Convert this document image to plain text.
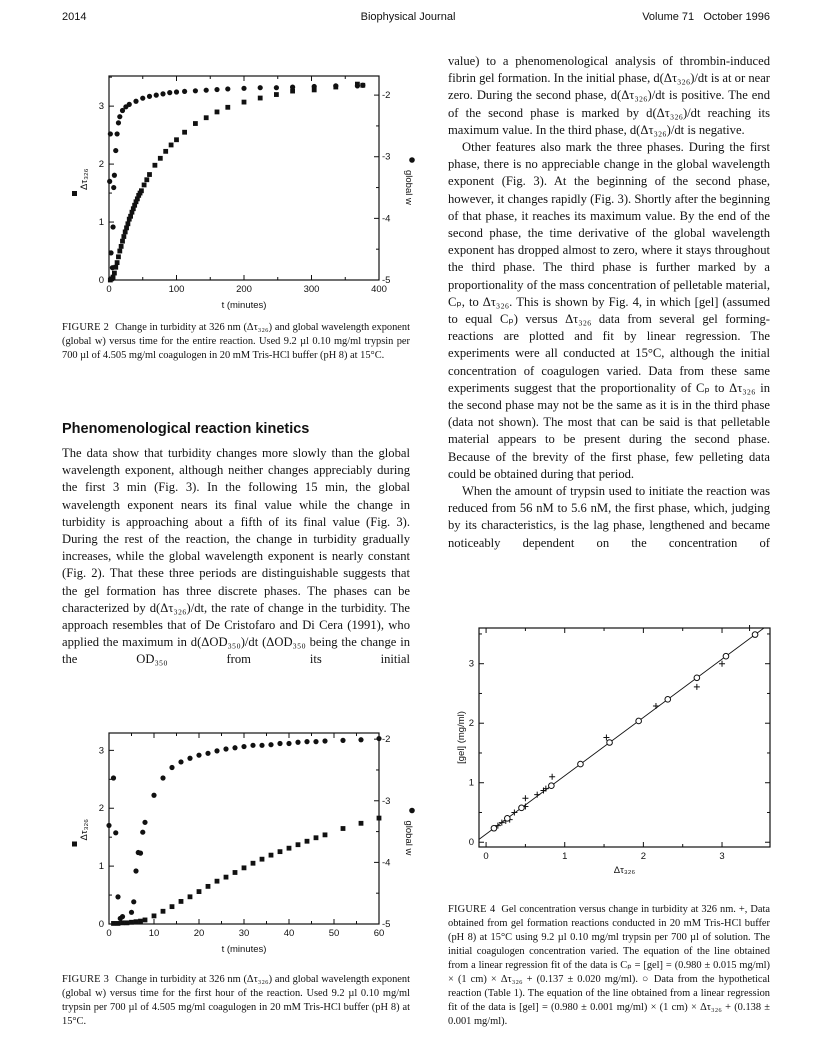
2014	Biophysical Journal	Volume 71   October 1996
0	100	200	300	400
0
1
2
3
-5
-4
-3
-2
t (minutes)
Δτ₃₂₆	global w
0	10	20	30	40	50	60
0
1
2
3
-5
-4
-3
-2
t (minutes)
Δτ₃₂₆	global w
0	1	2	3
0
1
2
3
Δτ₃₂₆
[gel] (mg/ml)
FIGURE 2 Change in turbidity at 326 nm (Δτ₃₂₆) and global wavelength exponent (global w) versus time for the entire reaction. Used 9.2 µl 0.10 mg/ml trypsin per 700 µl of 4.505 mg/ml coagulogen in 20 mM Tris-HCl buffer (pH 8) at 15°C.
Phenomenological reaction kinetics

The data show that turbidity changes more slowly than the global wavelength exponent, although neither changes appreciably during the first 3 min (Fig. 3). In the following 15 min, the global wavelength exponent nears its final value while the change in turbidity is approaching about a fifth of its final value (Fig. 3). During the rest of the reaction, the change in turbidity gradually increases, while the global wavelength exponent is nearly constant (Fig. 2). That these three periods are distinguishable suggests that the gel formation has three discrete phases. The phases can be characterized by d(Δτ₃₂₆)/dt, the rate of change in the turbidity. The approach resembles that of De Cristofaro and Di Cera (1991), who applied the maximum in d(ΔOD₃₅₀)/dt (ΔOD₃₅₀ being the change in the OD₃₅₀ from its initial

FIGURE 3 Change in turbidity at 326 nm (Δτ₃₂₆) and global wavelength exponent (global w) versus time for the first hour of the reaction. Used 9.2 µl 0.10 mg/ml trypsin per 700 µl of 4.505 mg/ml coagulogen in 20 mM Tris-HCl buffer (pH 8) at 15°C.

value) to a phenomenological analysis of thrombin-induced fibrin gel formation. In the initial phase, d(Δτ₃₂₆)/dt is at or near zero. During the second phase, d(Δτ₃₂₆)/dt is positive. The end of the second phase is marked by d(Δτ₃₂₆)/dt reaching its maximum value. In the third phase, d(Δτ₃₂₆)/dt is negative.

Other features also mark the three phases. During the first phase, there is no appreciable change in the global wavelength exponent (Fig. 3). At the beginning of the second phase, however, it changes rapidly (Fig. 3). Shortly after the beginning of that phase, it reaches its maximum value. By the end of the second phase, the time derivative of the global wavelength exponent has dropped almost to zero, where it stays throughout the third phase. The third phase is further marked by a proportionality of the mass concentration of pelletable material, Cₚ, to Δτ₃₂₆. This is shown by Fig. 4, in which [gel] (assumed to equal Cₚ) versus Δτ₃₂₆ data from several gel forming-reactions are plotted and fit by linear regression. The experiments were all conducted at 15°C, although the initial concentration of coagulogen varied. Data from these same experiments suggest that the proportionality of Cₚ to Δτ₃₂₆ in the second phase may not be the same as it is in the third phase (data not shown). The most that can be said is that pelletable material appears to be present during the second phase. Because of the brevity of the first phase, few pelleting data could be obtained during that period.

When the amount of trypsin used to initiate the reaction was reduced from 56 nM to 5.6 nM, the first phase, which, judging by its characteristics, is the lag phase, lengthened and became noticeably dependent on the concentration of

FIGURE 4 Gel concentration versus change in turbidity at 326 nm. +, Data obtained from gel formation reactions conducted in 20 mM Tris-HCl buffer (pH 8) at 15°C using 9.2 µl 0.10 mg/ml trypsin per 700 µl of solution. The initial coagulogen concentration varied. The equation of the line obtained from a linear regression fit of the data is Cₚ = [gel] = (0.980 ± 0.015 mg/ml) × (1 cm) × Δτ₃₂₆ + (0.137 ± 0.020 mg/ml). ○ Data from the hypothetical reaction (Table 1). The equation of the line obtained from a linear regression fit of the data is [gel] = (0.980 ± 0.001 mg/ml) × (1 cm) × Δτ₃₂₆ + (0.138 ± 0.001 mg/ml).
